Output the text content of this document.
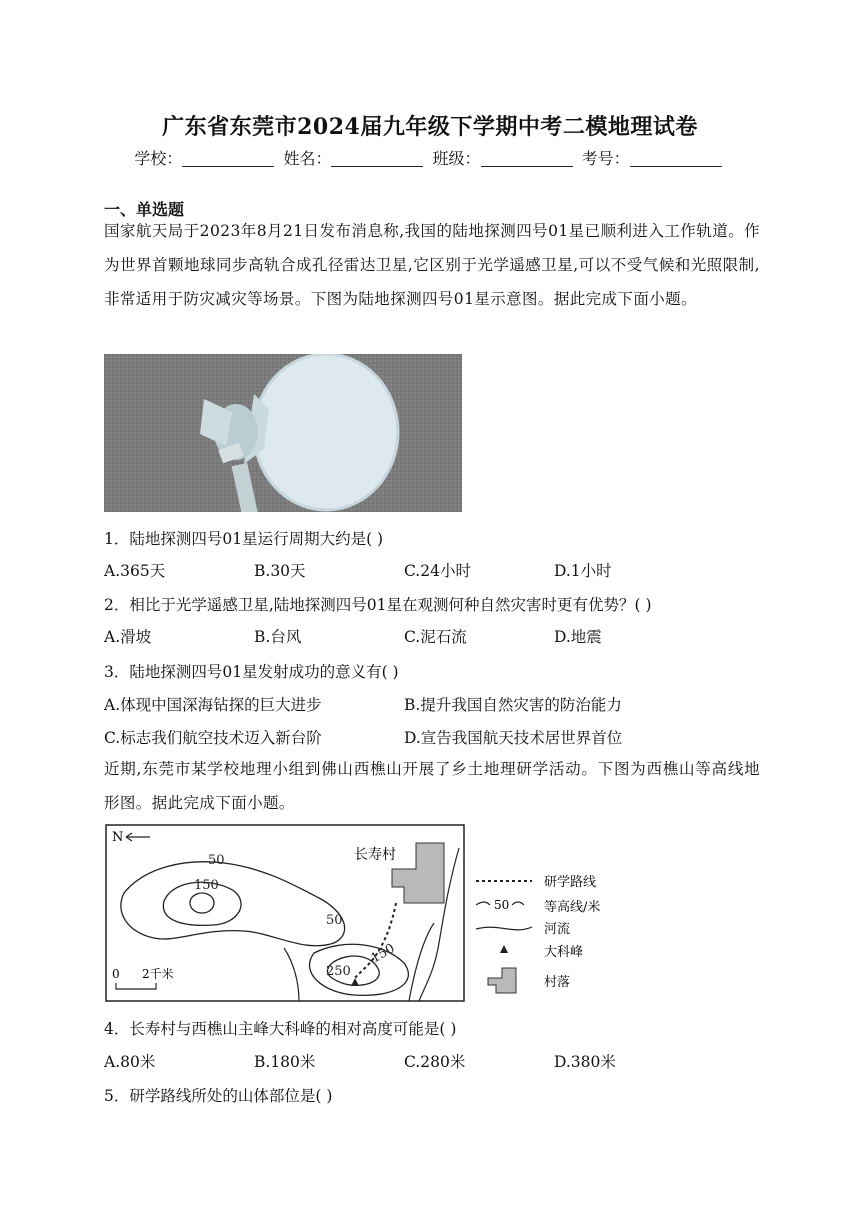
广东省东莞市2024届九年级下学期中考二模地理试卷
学校：	姓名：	班级：	考号：
一、单选题
国家航天局于2023年8月21日发布消息称,我国的陆地探测四号01星已顺利进入工作轨道。作为世界首颗地球同步高轨合成孔径雷达卫星,它区别于光学遥感卫星,可以不受气候和光照限制,非常适用于防灾减灾等场景。下图为陆地探测四号01星示意图。据此完成下面小题。
1．陆地探测四号01星运行周期大约是( )
A.365天	B.30天	C.24小时	D.1小时
2．相比于光学遥感卫星,陆地探测四号01星在观测何种自然灾害时更有优势？( )
A.滑坡	B.台风	C.泥石流	D.地震
3．陆地探测四号01星发射成功的意义有( )
A.体现中国深海钻探的巨大进步	B.提升我国自然灾害的防治能力
C.标志我们航空技术迈入新台阶	D.宣告我国航天技术居世界首位
近期,东莞市某学校地理小组到佛山西樵山开展了乡土地理研学活动。下图为西樵山等高线地形图。据此完成下面小题。
N
长寿村
50
150
50
250
150
0 2千米
研学路线
50	等高线/米
河流
大科峰
村落
4．长寿村与西樵山主峰大科峰的相对高度可能是( )
A.80米	B.180米	C.280米	D.380米
5．研学路线所处的山体部位是( )
